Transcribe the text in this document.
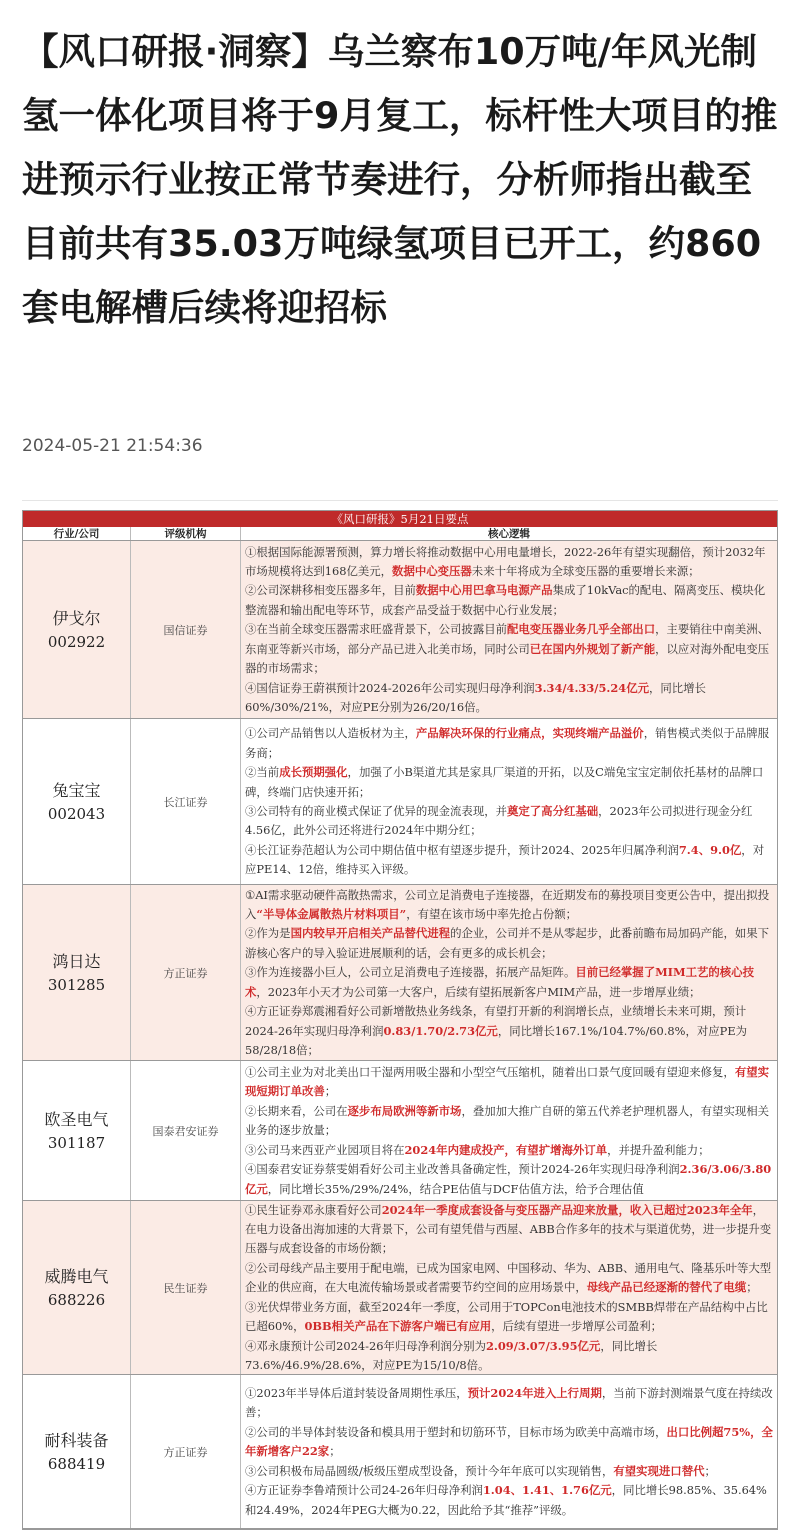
【风口研报·洞察】乌兰察布10万吨/年风光制氢一体化项目将于9月复工，标杆性大项目的推进预示行业按正常节奏进行，分析师指出截至目前共有35.03万吨绿氢项目已开工，约860套电解槽后续将迎招标
2024-05-21 21:54:36
《风口研报》5月21日要点
行业/公司	评级机构	核心逻辑
伊戈尔
002922
国信证券
①根据国际能源署预测，算力增长将推动数据中心用电量增长，2022-26年有望实现翻倍，预计2032年市场规模将达到168亿美元，数据中心变压器未来十年将成为全球变压器的重要增长来源；
②公司深耕移相变压器多年，目前数据中心用巴拿马电源产品集成了10kVac的配电、隔离变压、模块化整流器和输出配电等环节，成套产品受益于数据中心行业发展；
③在当前全球变压器需求旺盛背景下，公司披露目前配电变压器业务几乎全部出口，主要销往中南美洲、东南亚等新兴市场，部分产品已进入北美市场，同时公司已在国内外规划了新产能，以应对海外配电变压器的市场需求；
④国信证券王蔚祺预计2024-2026年公司实现归母净利润3.34/4.33/5.24亿元，同比增长60%/30%/21%，对应PE分别为26/20/16倍。
兔宝宝
002043
长江证券
①公司产品销售以人造板材为主，产品解决环保的行业痛点，实现终端产品溢价，销售模式类似于品牌服务商；
②当前成长预期强化，加强了小B渠道尤其是家具厂渠道的开拓，以及C端兔宝宝定制依托基材的品牌口碑，终端门店快速开拓；
③公司特有的商业模式保证了优异的现金流表现，并奠定了高分红基础，2023年公司拟进行现金分红4.56亿，此外公司还将进行2024年中期分红；
④长江证券范超认为公司中期估值中枢有望逐步提升，预计2024、2025年归属净利润7.4、9.0亿，对应PE14、12倍，维持买入评级。
鸿日达
301285
方正证券
①AI需求驱动硬件高散热需求，公司立足消费电子连接器，在近期发布的募投项目变更公告中，提出拟投入“半导体金属散热片材料项目”，有望在该市场中率先抢占份额；
②作为是国内较早开启相关产品替代进程的企业，公司并不是从零起步，此番前瞻布局加码产能，如果下游核心客户的导入验证进展顺利的话，会有更多的成长机会；
③作为连接器小巨人，公司立足消费电子连接器，拓展产品矩阵。目前已经掌握了MIM工艺的核心技术，2023年小天才为公司第一大客户，后续有望拓展新客户MIM产品，进一步增厚业绩；
④方正证券郑震湘看好公司新增散热业务线条，有望打开新的利润增长点，业绩增长未来可期，预计2024-26年实现归母净利润0.83/1.70/2.73亿元，同比增长167.1%/104.7%/60.8%，对应PE为58/28/18倍；
欧圣电气
301187
国泰君安证券
①公司主业为对北美出口干湿两用吸尘器和小型空气压缩机，随着出口景气度回暖有望迎来修复，有望实现短期订单改善；
②长期来看，公司在逐步布局欧洲等新市场，叠加加大推广自研的第五代养老护理机器人，有望实现相关业务的逐步放量；
③公司马来西亚产业园项目将在2024年内建成投产，有望扩增海外订单，并提升盈利能力；
④国泰君安证券蔡雯娟看好公司主业改善具备确定性，预计2024-26年实现归母净利润2.36/3.06/3.80亿元，同比增长35%/29%/24%，结合PE估值与DCF估值方法，给予合理估值
威腾电气
688226
民生证券
①民生证券邓永康看好公司2024年一季度成套设备与变压器产品迎来放量，收入已超过2023年全年，在电力设备出海加速的大背景下，公司有望凭借与西屋、ABB合作多年的技术与渠道优势，进一步提升变压器与成套设备的市场份额；
②公司母线产品主要用于配电端，已成为国家电网、中国移动、华为、ABB、通用电气、隆基乐叶等大型企业的供应商，在大电流传输场景或者需要节约空间的应用场景中，母线产品已经逐渐的替代了电缆；
③光伏焊带业务方面，截至2024年一季度，公司用于TOPCon电池技术的SMBB焊带在产品结构中占比已超60%，0BB相关产品在下游客户端已有应用，后续有望进一步增厚公司盈利；
④邓永康预计公司2024-26年归母净利润分别为2.09/3.07/3.95亿元，同比增长73.6%/46.9%/28.6%，对应PE为15/10/8倍。
耐科装备
688419
方正证券
①2023年半导体后道封装设备周期性承压，预计2024年进入上行周期，当前下游封测端景气度在持续改善；
②公司的半导体封装设备和模具用于塑封和切筋环节，目标市场为欧美中高端市场，出口比例超75%，全年新增客户22家；
③公司积极布局晶圆级/板级压塑成型设备，预计今年年底可以实现销售，有望实现进口替代；
④方正证券李鲁靖预计公司24-26年归母净利润1.04、1.41、1.76亿元，同比增长98.85%、35.64%和24.49%，2024年PEG大概为0.22，因此给予其“推荐”评级。
